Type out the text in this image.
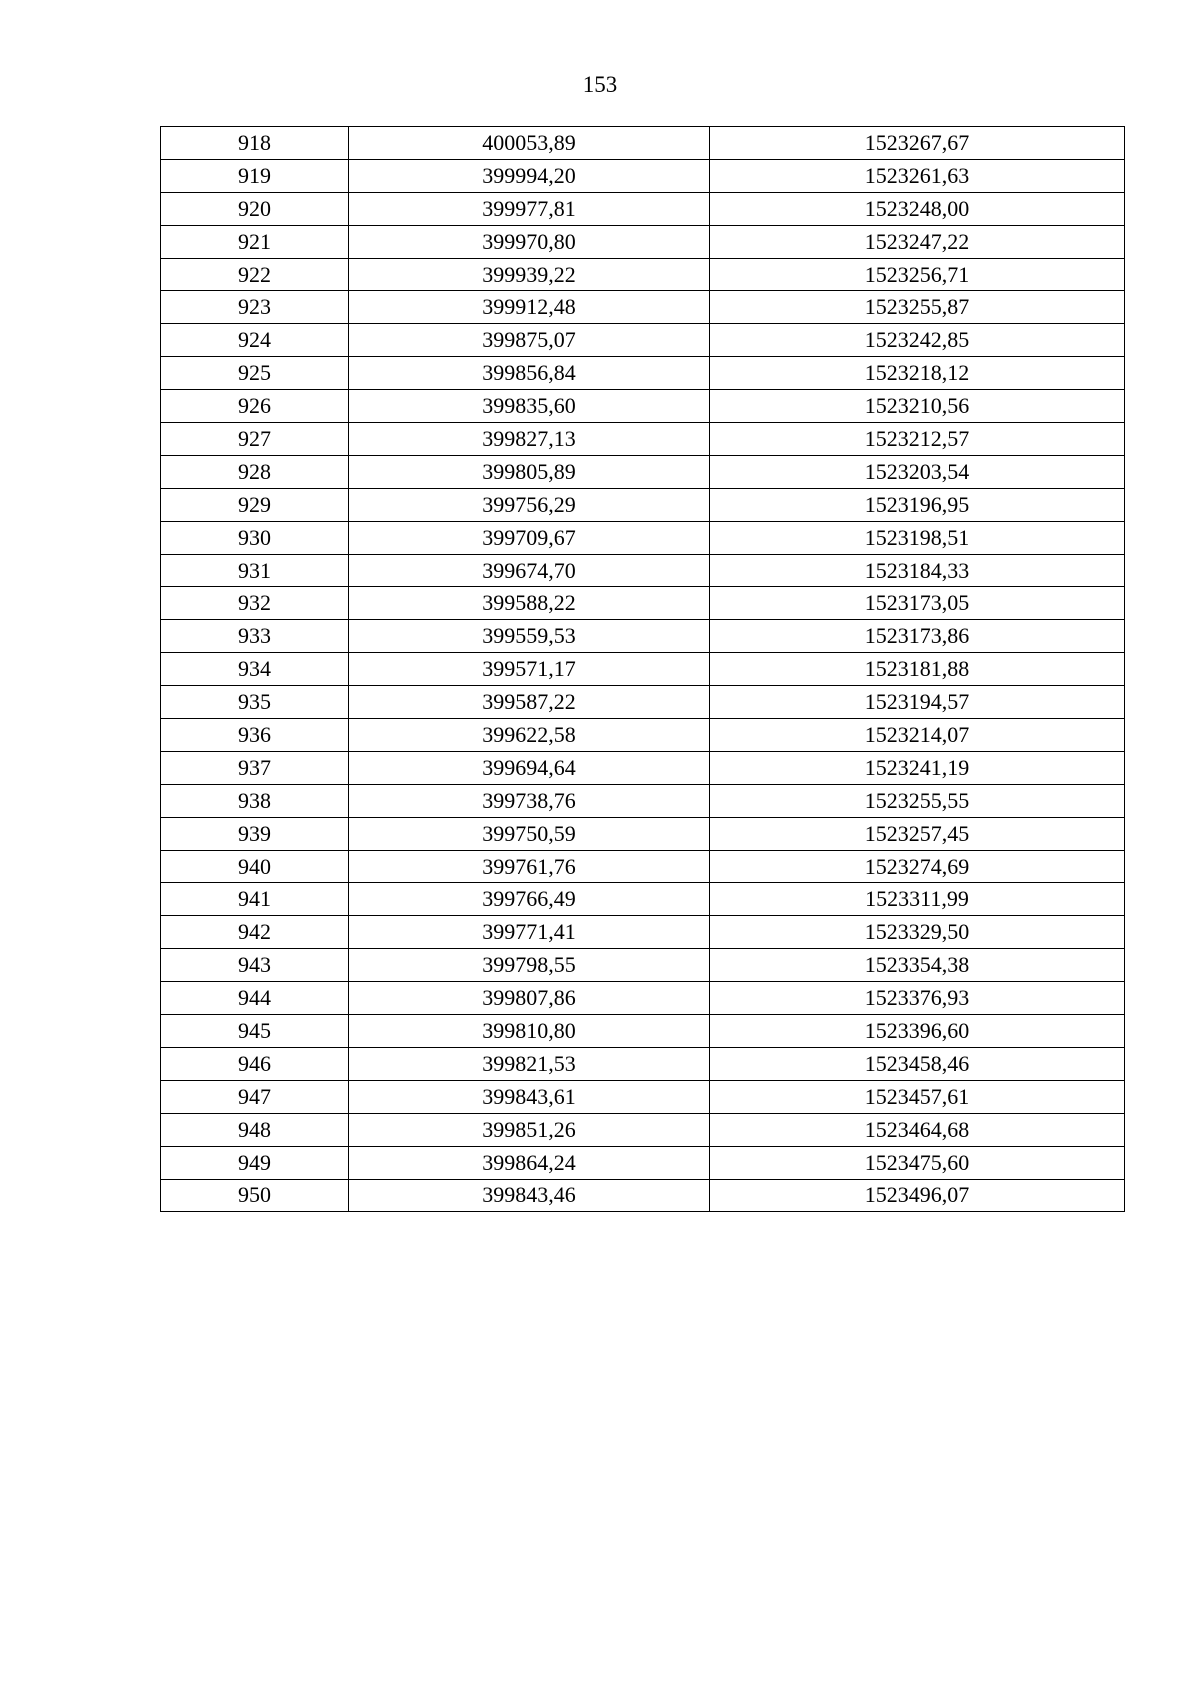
153
918	400053,89	1523267,67
919	399994,20	1523261,63
920	399977,81	1523248,00
921	399970,80	1523247,22
922	399939,22	1523256,71
923	399912,48	1523255,87
924	399875,07	1523242,85
925	399856,84	1523218,12
926	399835,60	1523210,56
927	399827,13	1523212,57
928	399805,89	1523203,54
929	399756,29	1523196,95
930	399709,67	1523198,51
931	399674,70	1523184,33
932	399588,22	1523173,05
933	399559,53	1523173,86
934	399571,17	1523181,88
935	399587,22	1523194,57
936	399622,58	1523214,07
937	399694,64	1523241,19
938	399738,76	1523255,55
939	399750,59	1523257,45
940	399761,76	1523274,69
941	399766,49	1523311,99
942	399771,41	1523329,50
943	399798,55	1523354,38
944	399807,86	1523376,93
945	399810,80	1523396,60
946	399821,53	1523458,46
947	399843,61	1523457,61
948	399851,26	1523464,68
949	399864,24	1523475,60
950	399843,46	1523496,07
